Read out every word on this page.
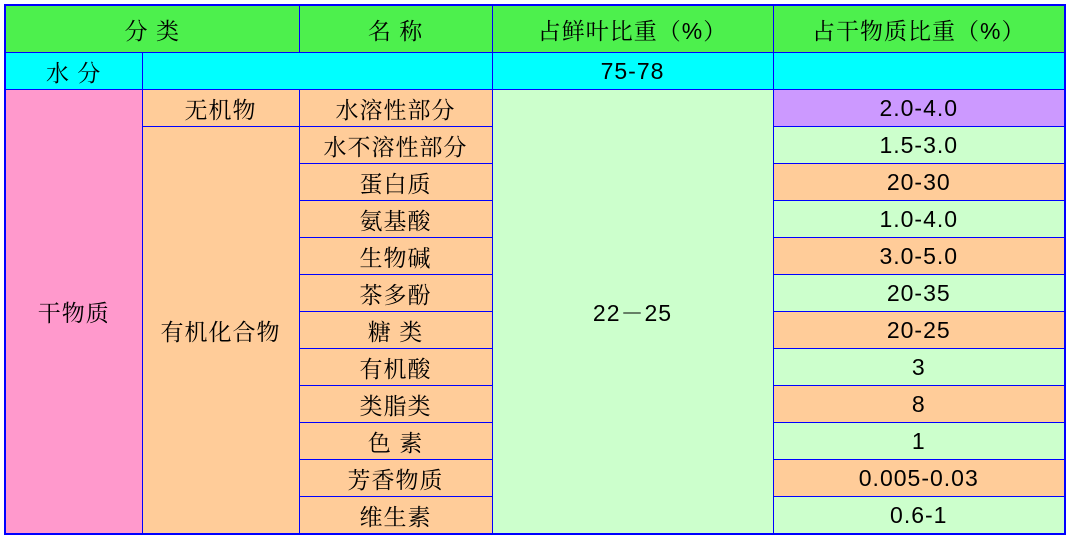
分 类		名 称	占鲜叶比重（%）	占干物质比重（%）
水 分			75-78	
干物质	无机物	水溶性部分	22－25	2.0-4.0
	有机化合物	水不溶性部分		1.5-3.0
		蛋白质		20-30
		氨基酸		1.0-4.0
		生物碱		3.0-5.0
		茶多酚		20-35
		糖 类		20-25
		有机酸		3
		类脂类		8
		色 素		1
		芳香物质		0.005-0.03
		维生素		0.6-1
